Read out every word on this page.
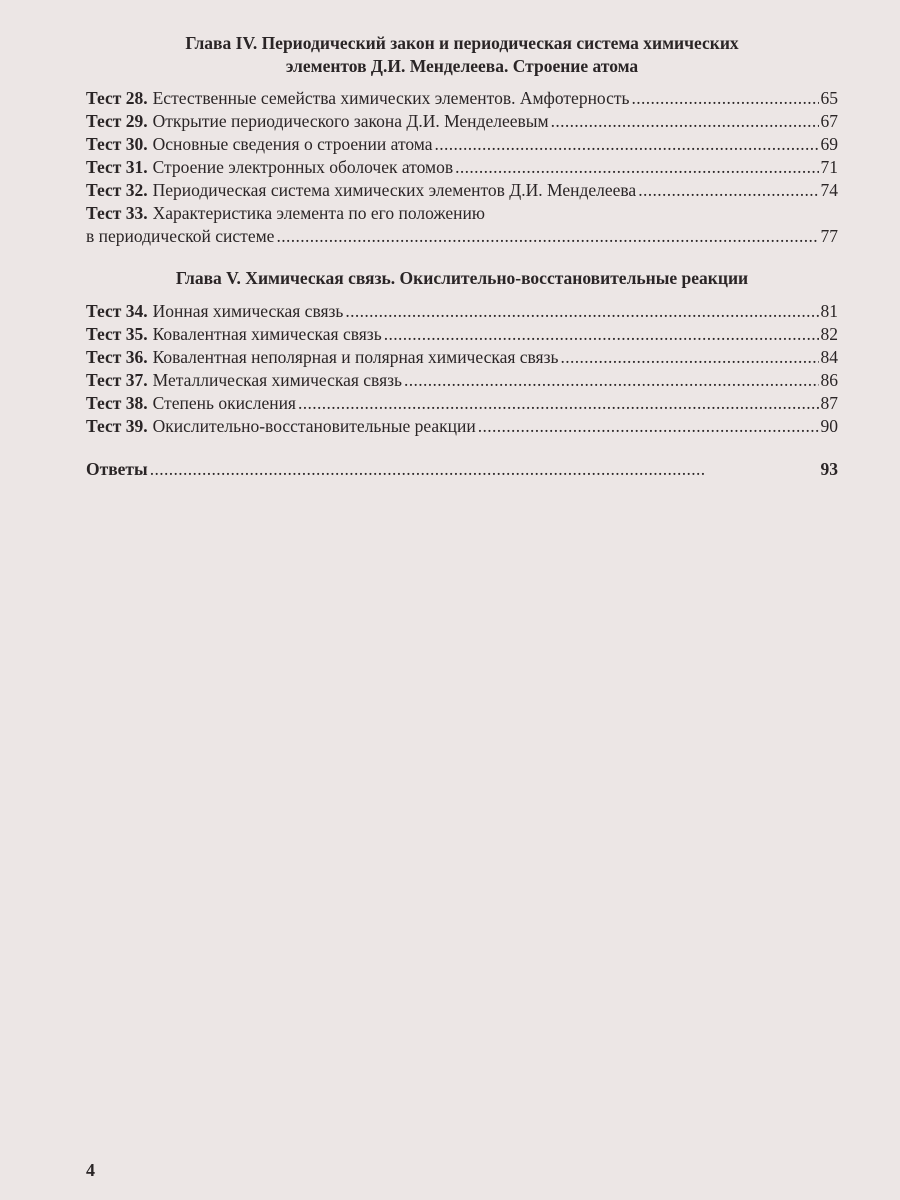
Глава IV. Периодический закон и периодическая система химических
элементов Д.И. Менделеева. Строение атома
Тест 28. Естественные семейства химических элементов. Амфотерность . . .	65
Тест 29. Открытие периодического закона Д.И. Менделеевым . . .	67
Тест 30. Основные сведения о строении атома . . .	69
Тест 31. Строение электронных оболочек атомов . . .	71
Тест 32. Периодическая система химических элементов Д.И. Менделеева . . .	74
Тест 33. Характеристика элемента по его положению
в периодической системе . . .	77
Глава V. Химическая связь. Окислительно-восстановительные реакции
Тест 34. Ионная химическая связь . . .	81
Тест 35. Ковалентная химическая связь . . .	82
Тест 36. Ковалентная неполярная и полярная химическая связь . . .	84
Тест 37. Металлическая химическая связь . . .	86
Тест 38. Степень окисления . . .	87
Тест 39. Окислительно-восстановительные реакции . . .	90
Ответы . . .	93
4
